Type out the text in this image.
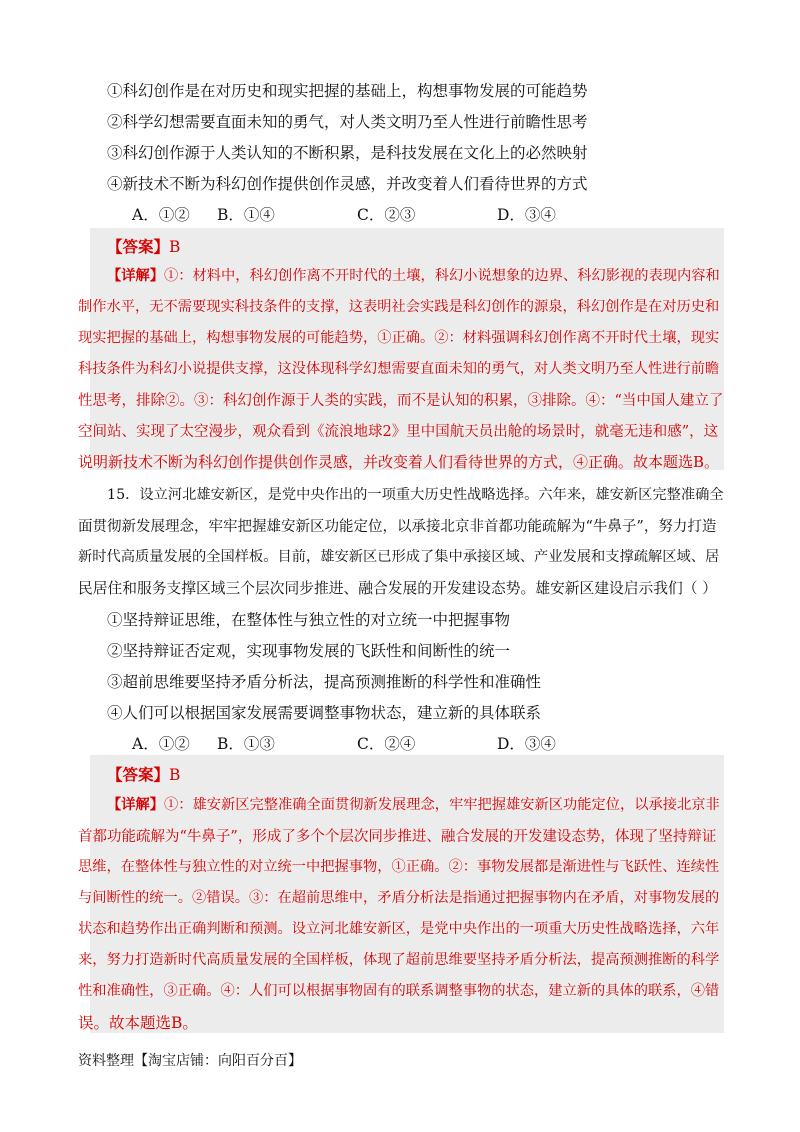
①科幻创作是在对历史和现实把握的基础上，构想事物发展的可能趋势
②科学幻想需要直面未知的勇气，对人类文明乃至人性进行前瞻性思考
③科幻创作源于人类认知的不断积累，是科技发展在文化上的必然映射
④新技术不断为科幻创作提供创作灵感，并改变着人们看待世界的方式
A．①② B．①④	C．②③	D．③④
【答案】B
【详解】①：材料中，科幻创作离不开时代的土壤，科幻小说想象的边界、科幻影视的表现内容和
制作水平，无不需要现实科技条件的支撑，这表明社会实践是科幻创作的源泉，科幻创作是在对历史和
现实把握的基础上，构想事物发展的可能趋势，①正确。②：材料强调科幻创作离不开时代土壤，现实
科技条件为科幻小说提供支撑，这没体现科学幻想需要直面未知的勇气，对人类文明乃至人性进行前瞻
性思考，排除②。③：科幻创作源于人类的实践，而不是认知的积累，③排除。④：“当中国人建立了
空间站、实现了太空漫步，观众看到《流浪地球2》里中国航天员出舱的场景时，就毫无违和感”，这
说明新技术不断为科幻创作提供创作灵感，并改变着人们看待世界的方式，④正确。故本题选B。
15．设立河北雄安新区，是党中央作出的一项重大历史性战略选择。六年来，雄安新区完整准确全
面贯彻新发展理念，牢牢把握雄安新区功能定位，以承接北京非首都功能疏解为“牛鼻子”，努力打造
新时代高质量发展的全国样板。目前，雄安新区已形成了集中承接区域、产业发展和支撑疏解区域、居
民居住和服务支撑区域三个层次同步推进、融合发展的开发建设态势。雄安新区建设启示我们（ ）
①坚持辩证思维，在整体性与独立性的对立统一中把握事物
②坚持辩证否定观，实现事物发展的飞跃性和间断性的统一
③超前思维要坚持矛盾分析法，提高预测推断的科学性和准确性
④人们可以根据国家发展需要调整事物状态，建立新的具体联系
A．①② B．①③	C．②④	D．③④
【答案】B
【详解】①：雄安新区完整准确全面贯彻新发展理念，牢牢把握雄安新区功能定位，以承接北京非
首都功能疏解为“牛鼻子”，形成了多个个层次同步推进、融合发展的开发建设态势，体现了坚持辩证
思维，在整体性与独立性的对立统一中把握事物，①正确。②：事物发展都是渐进性与飞跃性、连续性
与间断性的统一。②错误。③：在超前思维中，矛盾分析法是指通过把握事物内在矛盾，对事物发展的
状态和趋势作出正确判断和预测。设立河北雄安新区，是党中央作出的一项重大历史性战略选择，六年
来，努力打造新时代高质量发展的全国样板，体现了超前思维要坚持矛盾分析法，提高预测推断的科学
性和准确性，③正确。④：人们可以根据事物固有的联系调整事物的状态，建立新的具体的联系，④错
误。故本题选B。
资料整理【淘宝店铺：向阳百分百】
